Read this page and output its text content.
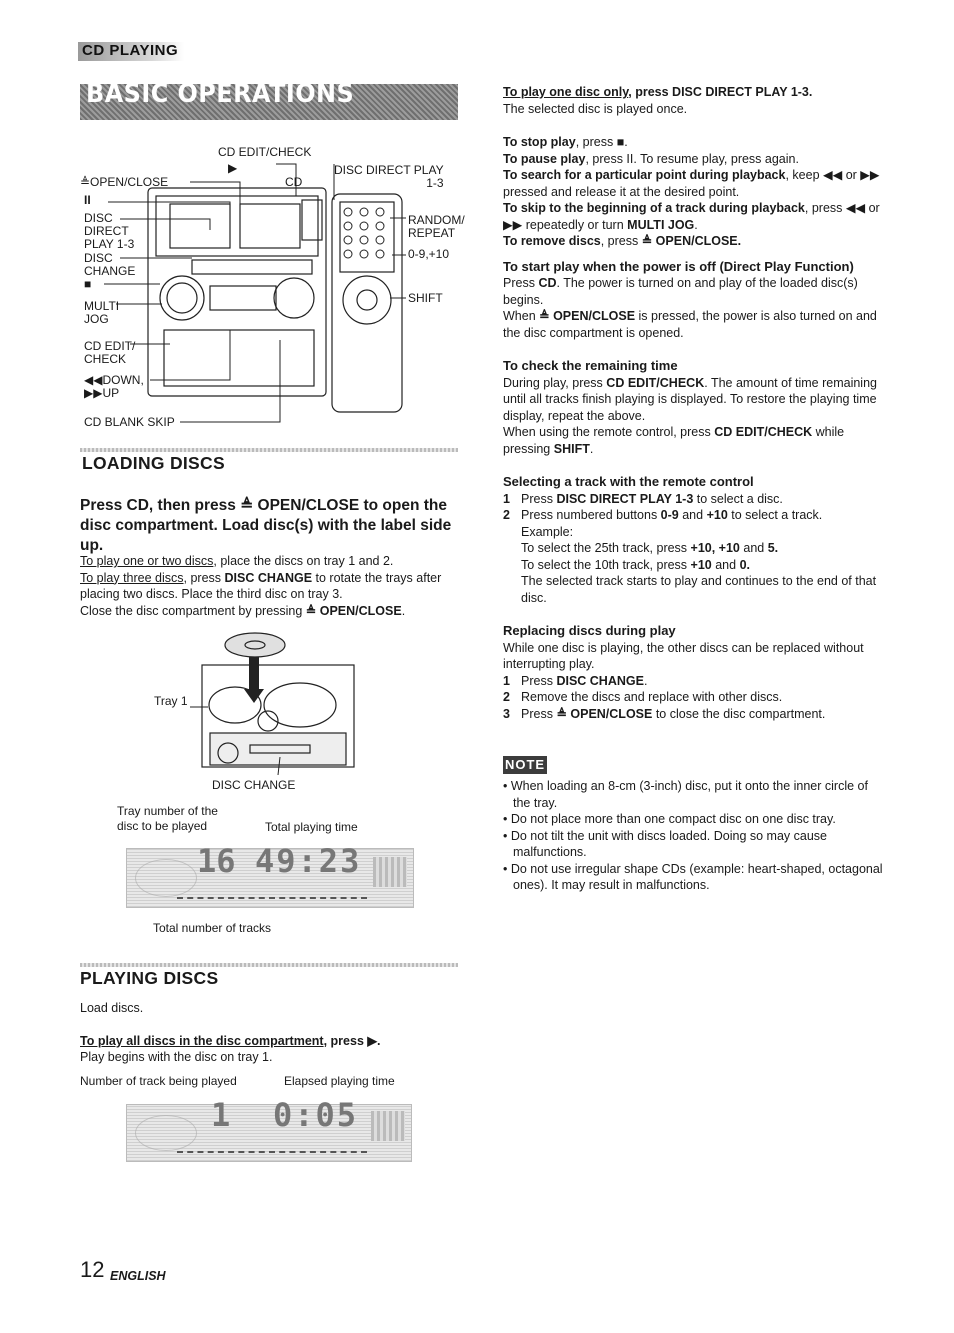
CD PLAYING
BASIC OPERATIONS
CD EDIT/CHECK
▶
≜OPEN/CLOSE	CD
DISC DIRECT PLAY
1-3
II
DISC
DIRECT
PLAY 1-3
DISC
CHANGE
■
MULTI
JOG
CD EDIT/
CHECK
◀◀DOWN,
▶▶UP
CD BLANK SKIP
RANDOM/
REPEAT
0-9,+10
SHIFT
LOADING DISCS
Press CD, then press ≜ OPEN/CLOSE to open the disc compartment. Load disc(s) with the label side up.
To play one or two discs, place the discs on tray 1 and 2.
To play three discs, press DISC CHANGE to rotate the trays after placing two discs. Place the third disc on tray 3.
Close the disc compartment by pressing ≜ OPEN/CLOSE.
Tray 1
DISC CHANGE
Tray number of the
disc to be played	Total playing time
16 49:23
Total number of tracks
PLAYING DISCS
Load discs.
To play all discs in the disc compartment, press ▶.
Play begins with the disc on tray 1.
Number of track being played	Elapsed playing time
1 0:05

To play one disc only, press DISC DIRECT PLAY 1-3.

The selected disc is played once.

To stop play, press ■.

To pause play, press II. To resume play, press again.

To search for a particular point during playback, keep ◀◀ or ▶▶ pressed and release it at the desired point.

To skip to the beginning of a track during playback, press ◀◀ or ▶▶ repeatedly or turn MULTI JOG.

To remove discs, press ≜ OPEN/CLOSE.

To start play when the power is off (Direct Play Function)

Press CD. The power is turned on and play of the loaded disc(s) begins.

When ≜ OPEN/CLOSE is pressed, the power is also turned on and the disc compartment is opened.

To check the remaining time

During play, press CD EDIT/CHECK. The amount of time remaining until all tracks finish playing is displayed. To restore the playing time display, repeat the above.

When using the remote control, press CD EDIT/CHECK while pressing SHIFT.

Selecting a track with the remote control

1 Press DISC DIRECT PLAY 1-3 to select a disc.

2 Press numbered buttons 0-9 and +10 to select a track.

Example:

To select the 25th track, press +10, +10 and 5.

To select the 10th track, press +10 and 0.

The selected track starts to play and continues to the end of that disc.

Replacing discs during play

While one disc is playing, the other discs can be replaced without interrupting play.

1 Press DISC CHANGE.

2 Remove the discs and replace with other discs.

3 Press ≜ OPEN/CLOSE to close the disc compartment.

NOTE

• When loading an 8-cm (3-inch) disc, put it onto the inner circle of the tray.

• Do not place more than one compact disc on one disc tray.

• Do not tilt the unit with discs loaded. Doing so may cause malfunctions.

• Do not use irregular shape CDs (example: heart-shaped, octagonal ones). It may result in malfunctions.

12 ENGLISH
